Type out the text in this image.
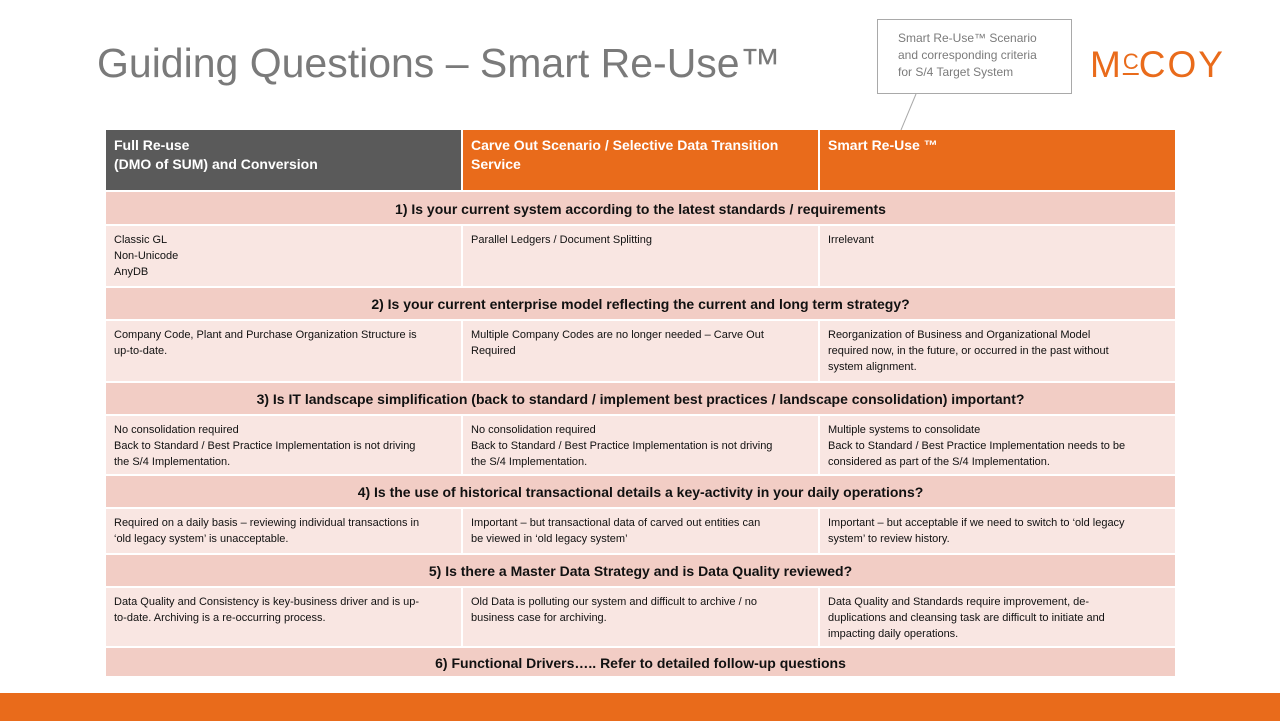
Guiding Questions – Smart Re-Use™
Smart Re-Use™ Scenario
and corresponding criteria
for S/4 Target System	$M^CCOY$
Full Re-use
(DMO of SUM) and Conversion
Carve Out Scenario / Selective Data Transition
Service
Smart Re-Use ™
1) Is your current system according to the latest standards / requirements
Classic GL
Non-Unicode
AnyDB
Parallel Ledgers / Document Splitting	Irrelevant
2) Is your current enterprise model reflecting the current and long term strategy?
Company Code, Plant and Purchase Organization Structure is
up-to-date.
Multiple Company Codes are no longer needed – Carve Out
Required
Reorganization of Business and Organizational Model
required now, in the future, or occurred in the past without
system alignment.
3) Is IT landscape simplification (back to standard / implement best practices / landscape consolidation) important?
No consolidation required
Back to Standard / Best Practice Implementation is not driving
the S/4 Implementation.
No consolidation required
Back to Standard / Best Practice Implementation is not driving
the S/4 Implementation.
Multiple systems to consolidate
Back to Standard / Best Practice Implementation needs to be
considered as part of the S/4 Implementation.
4) Is the use of historical transactional details a key-activity in your daily operations?
Required on a daily basis – reviewing individual transactions in
‘old legacy system’ is unacceptable.
Important – but transactional data of carved out entities can
be viewed in ‘old legacy system’
Important – but acceptable if we need to switch to ‘old legacy
system’ to review history.
5) Is there a Master Data Strategy and is Data Quality reviewed?
Data Quality and Consistency is key-business driver and is up-
to-date. Archiving is a re-occurring process.
Old Data is polluting our system and difficult to archive / no
business case for archiving.
Data Quality and Standards require improvement, de-
duplications and cleansing task are difficult to initiate and
impacting daily operations.
6) Functional Drivers….. Refer to detailed follow-up questions
